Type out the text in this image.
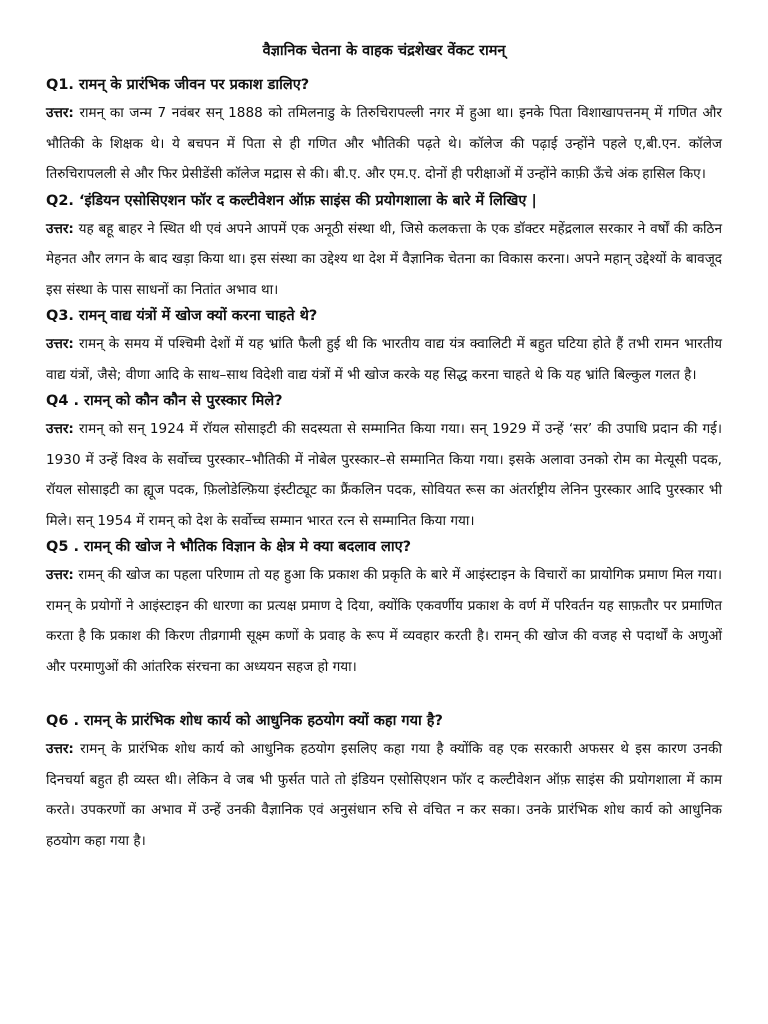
वैज्ञानिक चेतना के वाहक चंद्रशेखर वेंकट रामन्

Q1. रामन् के प्रारंभिक जीवन पर प्रकाश डालिए?

उत्तर: रामन् का जन्म 7 नवंबर सन् 1888 को तमिलनाडु के तिरुचिरापल्ली नगर में हुआ था। इनके पिता विशाखापत्तनम् में गणित और भौतिकी के शिक्षक थे। ये बचपन में पिता से ही गणित और भौतिकी पढ़ते थे। कॉलेज की पढ़ाई उन्होंने पहले ए,बी.एन. कॉलेज तिरुचिरापलली से और फिर प्रेसीडेंसी कॉलेज मद्रास से की। बी.ए. और एम.ए. दोनों ही परीक्षाओं में उन्होंने काफ़ी ऊँचे अंक हासिल किए।

Q2. ‘इंडियन एसोसिएशन फॉर द कल्टीवेशन ऑफ़ साइंस की प्रयोगशाला के बारे में लिखिए |

उत्तर: यह बहू बाहर ने स्थित थी एवं अपने आपमें एक अनूठी संस्था थी, जिसे कलकत्ता के एक डॉक्टर महेंद्रलाल सरकार ने वर्षों की कठिन मेहनत और लगन के बाद खड़ा किया था। इस संस्था का उद्देश्य था देश में वैज्ञानिक चेतना का विकास करना। अपने महान् उद्देश्यों के बावजूद इस संस्था के पास साधनों का नितांत अभाव था।

Q3. रामन् वाद्य यंत्रों में खोज क्यों करना चाहते थे?

उत्तर: रामन् के समय में पश्चिमी देशों में यह भ्रांति फैली हुई थी कि भारतीय वाद्य यंत्र क्वालिटी में बहुत घटिया होते हैं तभी रामन भारतीय वाद्य यंत्रों, जैसे; वीणा आदि के साथ–साथ विदेशी वाद्य यंत्रों में भी खोज करके यह सिद्ध करना चाहते थे कि यह भ्रांति बिल्कुल गलत है।

Q4 . रामन् को कौन कौन से पुरस्कार मिले?

उत्तर: रामन् को सन् 1924 में रॉयल सोसाइटी की सदस्यता से सम्मानित किया गया। सन् 1929 में उन्हें ‘सर’ की उपाधि प्रदान की गई। 1930 में उन्हें विश्व के सर्वोच्च पुरस्कार–भौतिकी में नोबेल पुरस्कार–से सम्मानित किया गया। इसके अलावा उनको रोम का मेत्यूसी पदक, रॉयल सोसाइटी का ह्यूज पदक, फ़िलोडेल्फ़िया इंस्टीट्यूट का फ्रैंकलिन पदक, सोवियत रूस का अंतर्राष्ट्रीय लेनिन पुरस्कार आदि पुरस्कार भी मिले। सन् 1954 में रामन् को देश के सर्वोच्च सम्मान भारत रत्न से सम्मानित किया गया।

Q5 . रामन् की खोज ने भौतिक विज्ञान के क्षेत्र मे क्या बदलाव लाए?

उत्तर: रामन् की खोज का पहला परिणाम तो यह हुआ कि प्रकाश की प्रकृति के बारे में आइंस्टाइन के विचारों का प्रायोगिक प्रमाण मिल गया। रामन् के प्रयोगों ने आइंस्टाइन की धारणा का प्रत्यक्ष प्रमाण दे दिया, क्योंकि एकवर्णीय प्रकाश के वर्ण में परिवर्तन यह साफ़तौर पर प्रमाणित करता है कि प्रकाश की किरण तीव्रगामी सूक्ष्म कणों के प्रवाह के रूप में व्यवहार करती है। रामन् की खोज की वजह से पदार्थों के अणुओं और परमाणुओं की आंतरिक संरचना का अध्ययन सहज हो गया।

Q6 . रामन् के प्रारंभिक शोध कार्य को आधुनिक हठयोग क्यों कहा गया है?

उत्तर: रामन् के प्रारंभिक शोध कार्य को आधुनिक हठयोग इसलिए कहा गया है क्योंकि वह एक सरकारी अफसर थे इस कारण उनकी दिनचर्या बहुत ही व्यस्त थी। लेकिन वे जब भी फुर्सत पाते तो इंडियन एसोसिएशन फॉर द कल्टीवेशन ऑफ़ साइंस की प्रयोगशाला में काम करते। उपकरणों का अभाव में उन्हें उनकी वैज्ञानिक एवं अनुसंधान रुचि से वंचित न कर सका। उनके प्रारंभिक शोध कार्य को आधुनिक हठयोग कहा गया है।
